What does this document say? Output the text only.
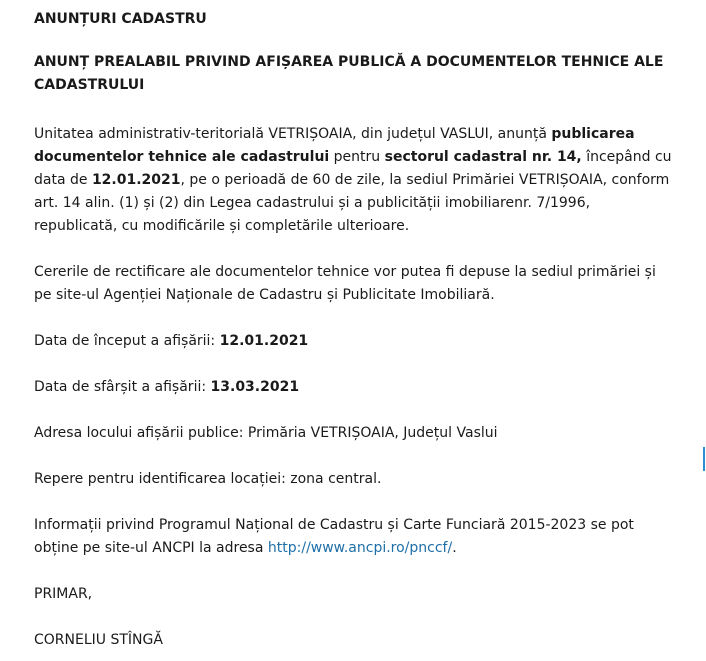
ANUNȚURI CADASTRU

ANUNȚ PREALABIL PRIVIND AFIȘAREA PUBLICĂ A DOCUMENTELOR TEHNICE ALE CADASTRULUI

Unitatea administrativ-teritorială VETRIȘOAIA, din județul VASLUI, anunță publicarea documentelor tehnice ale cadastrului pentru sectorul cadastral nr. 14, începând cu data de 12.01.2021, pe o perioadă de 60 de zile, la sediul Primăriei VETRIȘOAIA, conform art. 14 alin. (1) și (2) din Legea cadastrului și a publicității imobiliarenr. 7/1996, republicată, cu modificările și completările ulterioare.

Cererile de rectificare ale documentelor tehnice vor putea fi depuse la sediul primăriei și pe site-ul Agenției Naționale de Cadastru și Publicitate Imobiliară.

Data de început a afișării: 12.01.2021

Data de sfârșit a afișării: 13.03.2021

Adresa locului afișării publice: Primăria VETRIȘOAIA, Județul Vaslui

Repere pentru identificarea locației: zona central.

Informații privind Programul Național de Cadastru și Carte Funciară 2015-2023 se pot obține pe site-ul ANCPI la adresa http://www.ancpi.ro/pnccf/.

PRIMAR,

CORNELIU STÎNGĂ
